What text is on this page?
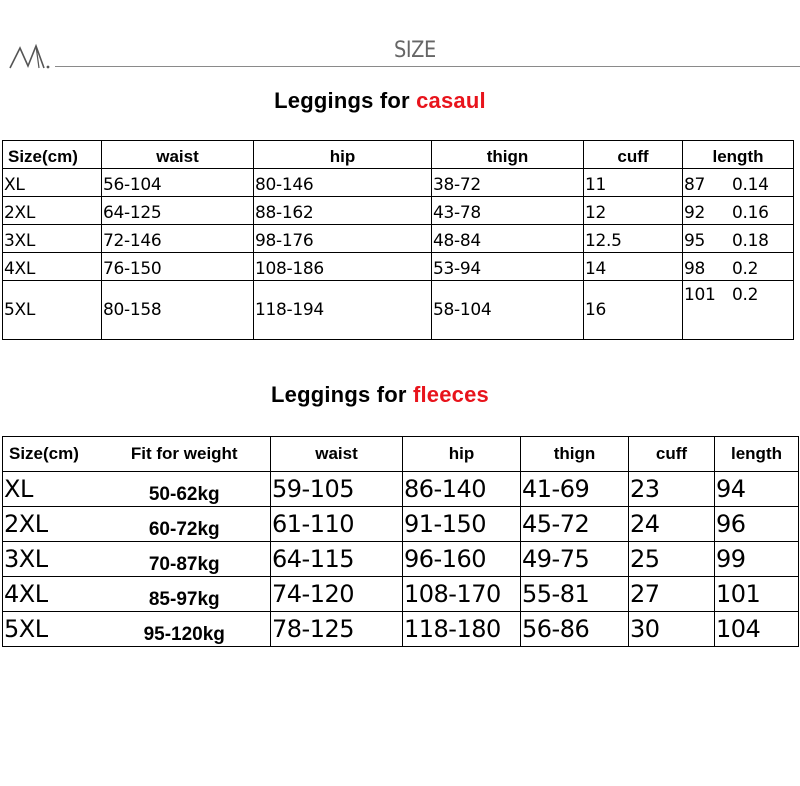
SIZE
Leggings for casaul
Size(cm)	waist	hip	thign	cuff	length
XL	56-104	80-146	38-72	11	87 0.14
2XL	64-125	88-162	43-78	12	92 0.16
3XL	72-146	98-176	48-84	12.5	95 0.18
4XL	76-150	108-186	53-94	14	98 0.2
5XL	80-158	118-194	58-104	16	101 0.2
Leggings for fleeces
Size(cm)	Fit for weight	waist	hip	thign	cuff	length
XL	50-62kg	59-105	86-140	41-69	23	94
2XL	60-72kg	61-110	91-150	45-72	24	96
3XL	70-87kg	64-115	96-160	49-75	25	99
4XL	85-97kg	74-120	108-170	55-81	27	101
5XL	95-120kg	78-125	118-180	56-86	30	104
